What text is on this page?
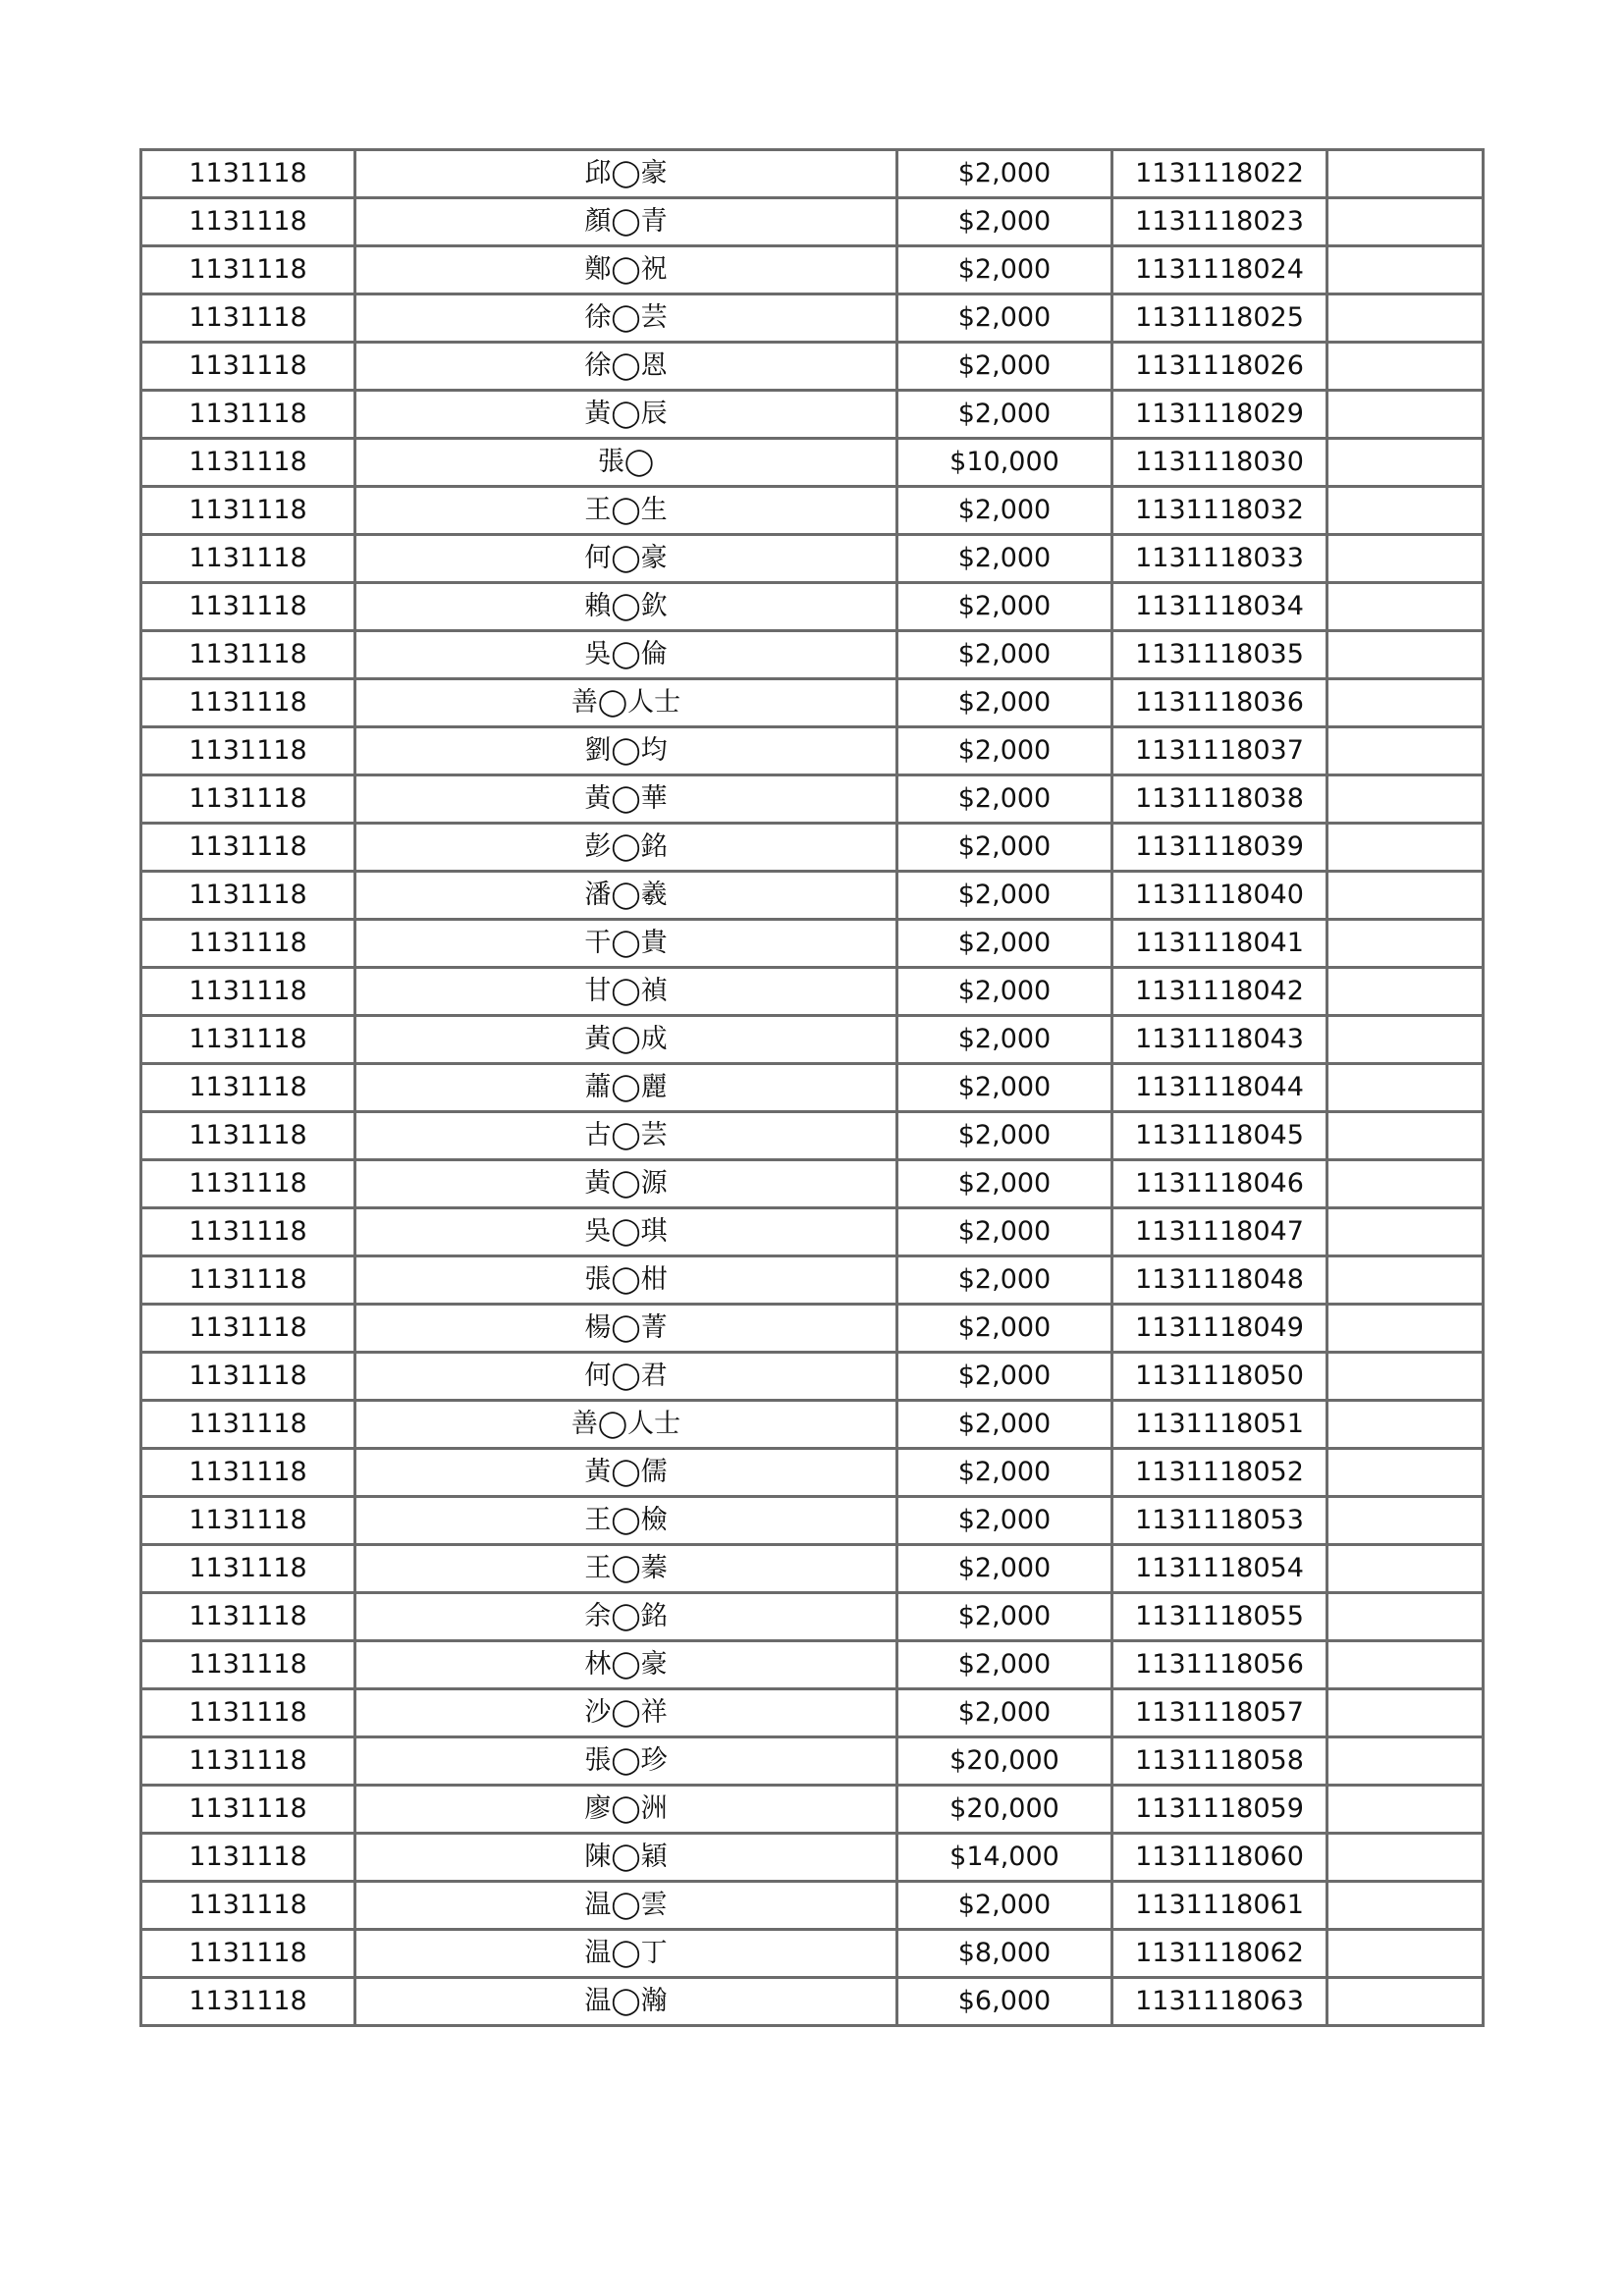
1131118	邱◯豪	$2,000	1131118022	
1131118	顏◯青	$2,000	1131118023	
1131118	鄭◯祝	$2,000	1131118024	
1131118	徐◯芸	$2,000	1131118025	
1131118	徐◯恩	$2,000	1131118026	
1131118	黃◯辰	$2,000	1131118029	
1131118	張◯	$10,000	1131118030	
1131118	王◯生	$2,000	1131118032	
1131118	何◯豪	$2,000	1131118033	
1131118	賴◯欽	$2,000	1131118034	
1131118	吳◯倫	$2,000	1131118035	
1131118	善◯人士	$2,000	1131118036	
1131118	劉◯均	$2,000	1131118037	
1131118	黃◯華	$2,000	1131118038	
1131118	彭◯銘	$2,000	1131118039	
1131118	潘◯羲	$2,000	1131118040	
1131118	干◯貴	$2,000	1131118041	
1131118	甘◯禎	$2,000	1131118042	
1131118	黃◯成	$2,000	1131118043	
1131118	蕭◯麗	$2,000	1131118044	
1131118	古◯芸	$2,000	1131118045	
1131118	黃◯源	$2,000	1131118046	
1131118	吳◯琪	$2,000	1131118047	
1131118	張◯柑	$2,000	1131118048	
1131118	楊◯菁	$2,000	1131118049	
1131118	何◯君	$2,000	1131118050	
1131118	善◯人士	$2,000	1131118051	
1131118	黃◯儒	$2,000	1131118052	
1131118	王◯檢	$2,000	1131118053	
1131118	王◯蓁	$2,000	1131118054	
1131118	余◯銘	$2,000	1131118055	
1131118	林◯豪	$2,000	1131118056	
1131118	沙◯祥	$2,000	1131118057	
1131118	張◯珍	$20,000	1131118058	
1131118	廖◯洲	$20,000	1131118059	
1131118	陳◯穎	$14,000	1131118060	
1131118	温◯雲	$2,000	1131118061	
1131118	温◯丁	$8,000	1131118062	
1131118	温◯瀚	$6,000	1131118063	
